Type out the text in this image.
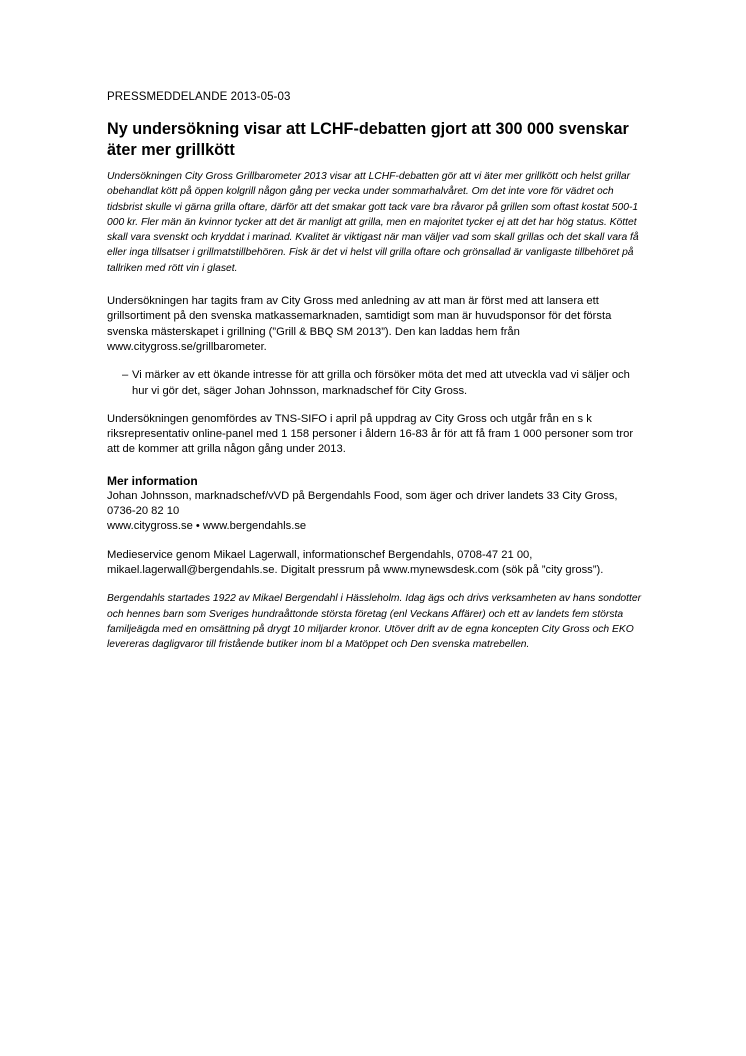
PRESSMEDDELANDE 2013-05-03
Ny undersökning visar att LCHF-debatten gjort att 300 000 svenskar äter mer grillkött

Undersökningen City Gross Grillbarometer 2013 visar att LCHF-debatten gör att vi äter mer grillkött och helst grillar obehandlat kött på öppen kolgrill någon gång per vecka under sommarhalvåret. Om det inte vore för vädret och tidsbrist skulle vi gärna grilla oftare, därför att det smakar gott tack vare bra råvaror på grillen som oftast kostat 500-1 000 kr. Fler män än kvinnor tycker att det är manligt att grilla, men en majoritet tycker ej att det har hög status. Köttet skall vara svenskt och kryddat i marinad. Kvalitet är viktigast när man väljer vad som skall grillas och det skall vara få eller inga tillsatser i grillmatstillbehören. Fisk är det vi helst vill grilla oftare och grönsallad är vanligaste tillbehöret på tallriken med rött vin i glaset.

Undersökningen har tagits fram av City Gross med anledning av att man är först med att lansera ett grillsortiment på den svenska matkassemarknaden, samtidigt som man är huvudsponsor för det första svenska mästerskapet i grillning (”Grill & BBQ SM 2013”). Den kan laddas hem från www.citygross.se/grillbarometer.

– Vi märker av ett ökande intresse för att grilla och försöker möta det med att utveckla vad vi säljer och hur vi gör det, säger Johan Johnsson, marknadschef för City Gross.

Undersökningen genomfördes av TNS-SIFO i april på uppdrag av City Gross och utgår från en s k riksrepresentativ online-panel med 1 158 personer i åldern 16-83 år för att få fram 1 000 personer som tror att de kommer att grilla någon gång under 2013.

Mer information

Johan Johnsson, marknadschef/vVD på Bergendahls Food, som äger och driver landets 33 City Gross, 0736-20 82 10

www.citygross.se • www.bergendahls.se

Medieservice genom Mikael Lagerwall, informationschef Bergendahls, 0708-47 21 00, mikael.lagerwall@bergendahls.se. Digitalt pressrum på www.mynewsdesk.com (sök på ”city gross”).

Bergendahls startades 1922 av Mikael Bergendahl i Hässleholm. Idag ägs och drivs verksamheten av hans sondotter och hennes barn som Sveriges hundraåttonde största företag (enl Veckans Affärer) och ett av landets fem största familjeägda med en omsättning på drygt 10 miljarder kronor. Utöver drift av de egna koncepten City Gross och EKO levereras dagligvaror till fristående butiker inom bl a Matöppet och Den svenska matrebellen.
